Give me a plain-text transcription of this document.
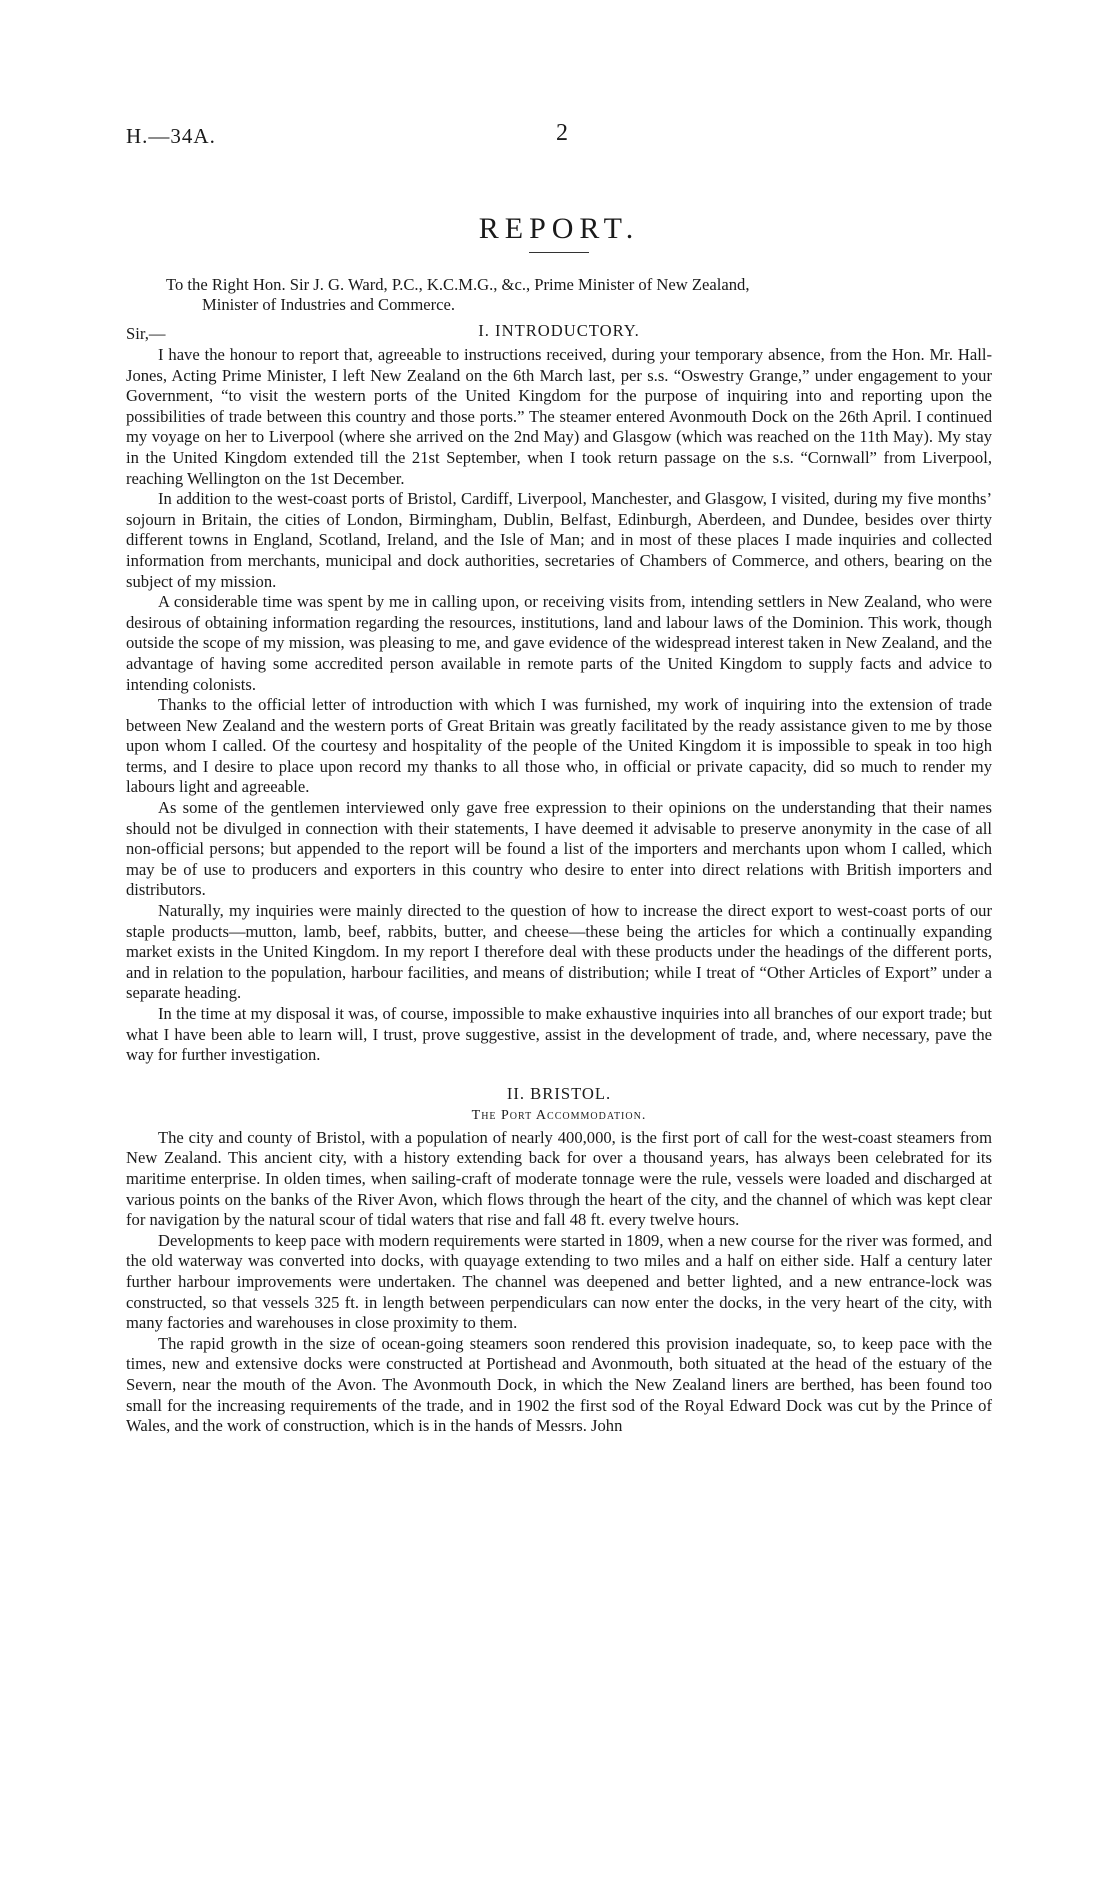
H.—34A.	2
REPORT.
To the Right Hon. Sir J. G. Ward, P.C., K.C.M.G., &c., Prime Minister of New Zealand,
Minister of Industries and Commerce.
I. INTRODUCTORY.
Sir,—

I have the honour to report that, agreeable to instructions received, during your temporary absence, from the Hon. Mr. Hall-Jones, Acting Prime Minister, I left New Zealand on the 6th March last, per s.s. “Oswestry Grange,” under engagement to your Government, “to visit the western ports of the United Kingdom for the purpose of inquiring into and reporting upon the possibilities of trade between this country and those ports.” The steamer entered Avonmouth Dock on the 26th April. I continued my voyage on her to Liverpool (where she arrived on the 2nd May) and Glasgow (which was reached on the 11th May). My stay in the United Kingdom extended till the 21st September, when I took return passage on the s.s. “Cornwall” from Liverpool, reaching Wellington on the 1st December.

In addition to the west-coast ports of Bristol, Cardiff, Liverpool, Manchester, and Glasgow, I visited, during my five months’ sojourn in Britain, the cities of London, Birmingham, Dublin, Belfast, Edinburgh, Aberdeen, and Dundee, besides over thirty different towns in England, Scotland, Ireland, and the Isle of Man; and in most of these places I made inquiries and collected information from merchants, municipal and dock authorities, secretaries of Chambers of Commerce, and others, bearing on the subject of my mission.

A considerable time was spent by me in calling upon, or receiving visits from, intending settlers in New Zealand, who were desirous of obtaining information regarding the resources, institutions, land and labour laws of the Dominion. This work, though outside the scope of my mission, was pleasing to me, and gave evidence of the widespread interest taken in New Zealand, and the advantage of having some accredited person available in remote parts of the United Kingdom to supply facts and advice to intending colonists.

Thanks to the official letter of introduction with which I was furnished, my work of inquiring into the extension of trade between New Zealand and the western ports of Great Britain was greatly facilitated by the ready assistance given to me by those upon whom I called. Of the courtesy and hospitality of the people of the United Kingdom it is impossible to speak in too high terms, and I desire to place upon record my thanks to all those who, in official or private capacity, did so much to render my labours light and agreeable.

As some of the gentlemen interviewed only gave free expression to their opinions on the understanding that their names should not be divulged in connection with their statements, I have deemed it advisable to preserve anonymity in the case of all non-official persons; but appended to the report will be found a list of the importers and merchants upon whom I called, which may be of use to producers and exporters in this country who desire to enter into direct relations with British importers and distributors.

Naturally, my inquiries were mainly directed to the question of how to increase the direct export to west-coast ports of our staple products—mutton, lamb, beef, rabbits, butter, and cheese—these being the articles for which a continually expanding market exists in the United Kingdom. In my report I therefore deal with these products under the headings of the different ports, and in relation to the population, harbour facilities, and means of distribution; while I treat of “Other Articles of Export” under a separate heading.

In the time at my disposal it was, of course, impossible to make exhaustive inquiries into all branches of our export trade; but what I have been able to learn will, I trust, prove suggestive, assist in the development of trade, and, where necessary, pave the way for further investigation.

II. BRISTOL.
The Port Accommodation.

The city and county of Bristol, with a population of nearly 400,000, is the first port of call for the west-coast steamers from New Zealand. This ancient city, with a history extending back for over a thousand years, has always been celebrated for its maritime enterprise. In olden times, when sailing-craft of moderate tonnage were the rule, vessels were loaded and discharged at various points on the banks of the River Avon, which flows through the heart of the city, and the channel of which was kept clear for navigation by the natural scour of tidal waters that rise and fall 48 ft. every twelve hours.

Developments to keep pace with modern requirements were started in 1809, when a new course for the river was formed, and the old waterway was converted into docks, with quayage extending to two miles and a half on either side. Half a century later further harbour improvements were undertaken. The channel was deepened and better lighted, and a new entrance-lock was constructed, so that vessels 325 ft. in length between perpendiculars can now enter the docks, in the very heart of the city, with many factories and warehouses in close proximity to them.

The rapid growth in the size of ocean-going steamers soon rendered this provision inadequate, so, to keep pace with the times, new and extensive docks were constructed at Portishead and Avonmouth, both situated at the head of the estuary of the Severn, near the mouth of the Avon. The Avonmouth Dock, in which the New Zealand liners are berthed, has been found too small for the increasing requirements of the trade, and in 1902 the first sod of the Royal Edward Dock was cut by the Prince of Wales, and the work of construction, which is in the hands of Messrs. John
